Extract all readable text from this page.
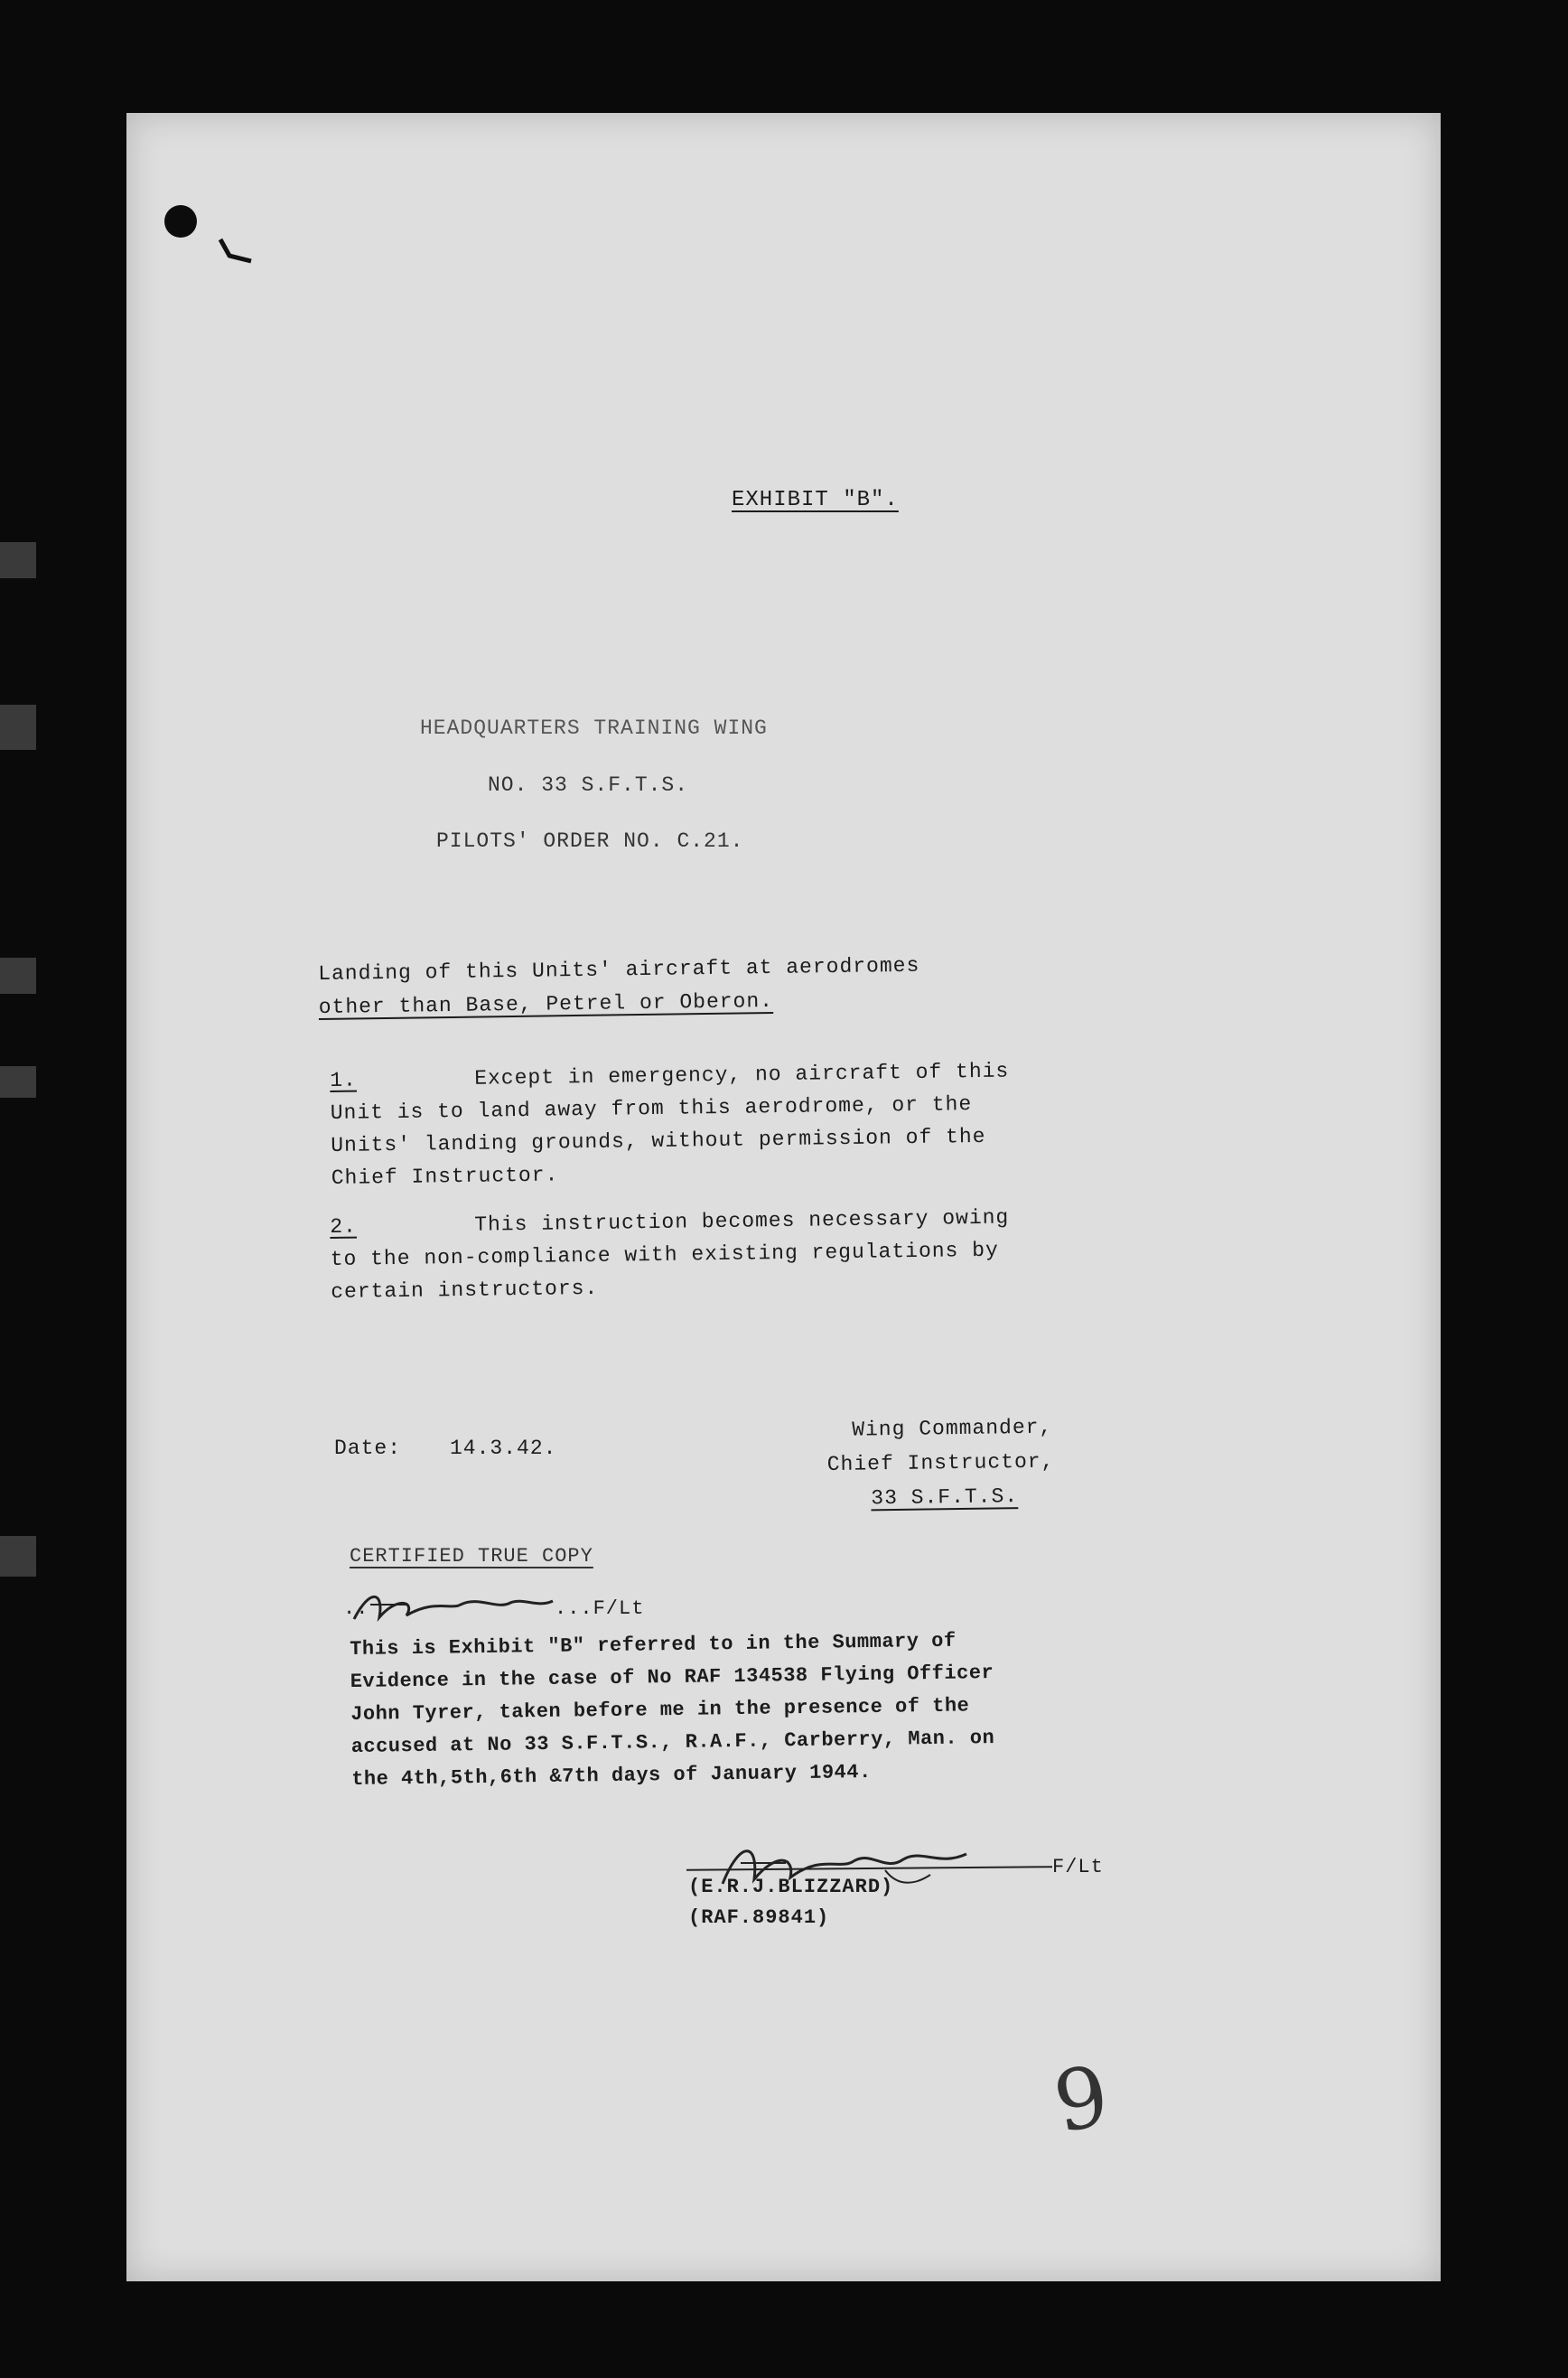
EXHIBIT "B".
HEADQUARTERS TRAINING WING
NO. 33 S.F.T.S.
PILOTS' ORDER NO. C.21.
Landing of this Units' aircraft at aerodromes
other than Base, Petrel or Oberon.
1.	Except in emergency, no aircraft of this
Unit is to land away from this aerodrome, or the
Units' landing grounds, without permission of the
Chief Instructor.
2.	This instruction becomes necessary owing
to the non-compliance with existing regulations by
certain instructors.
Date: 14.3.42.
Wing Commander,
Chief Instructor,
33 S.F.T.S.
CERTIFIED TRUE COPY
..	...F/Lt
This is Exhibit "B" referred to in the Summary of
Evidence in the case of No RAF 134538 Flying Officer
John Tyrer, taken before me in the presence of the
accused at No 33 S.F.T.S., R.A.F., Carberry, Man. on
the 4th,5th,6th &7th days of January 1944.
F/Lt
(E.R.J.BLIZZARD)
(RAF.89841)
9
